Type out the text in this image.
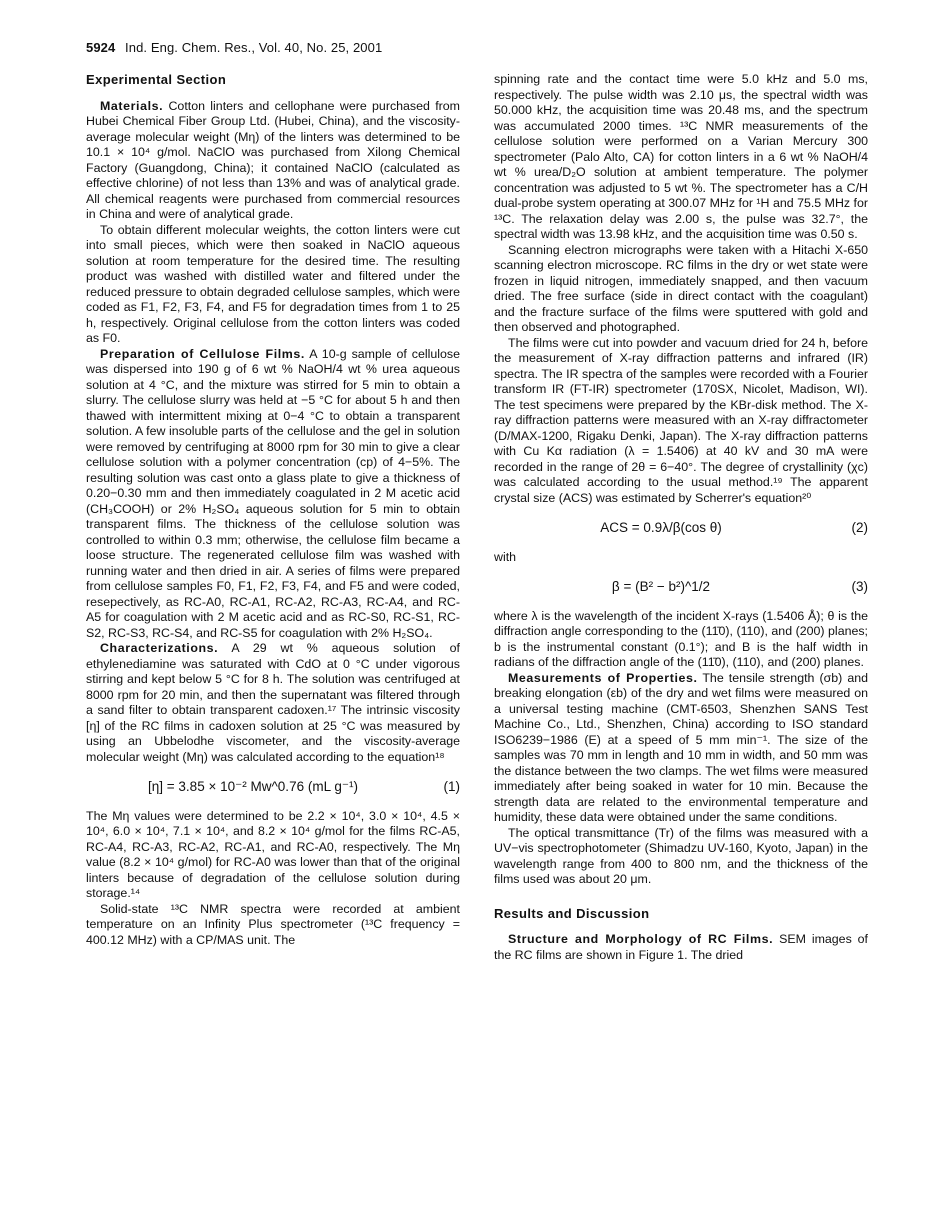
5924 Ind. Eng. Chem. Res., Vol. 40, No. 25, 2001
Experimental Section

Materials. Cotton linters and cellophane were purchased from Hubei Chemical Fiber Group Ltd. (Hubei, China), and the viscosity-average molecular weight (Mη) of the linters was determined to be 10.1 × 10⁴ g/mol. NaClO was purchased from Xilong Chemical Factory (Guangdong, China); it contained NaClO (calculated as effective chlorine) of not less than 13% and was of analytical grade. All chemical reagents were purchased from commercial resources in China and were of analytical grade.

To obtain different molecular weights, the cotton linters were cut into small pieces, which were then soaked in NaClO aqueous solution at room temperature for the desired time. The resulting product was washed with distilled water and filtered under the reduced pressure to obtain degraded cellulose samples, which were coded as F1, F2, F3, F4, and F5 for degradation times from 1 to 25 h, respectively. Original cellulose from the cotton linters was coded as F0.

Preparation of Cellulose Films. A 10-g sample of cellulose was dispersed into 190 g of 6 wt % NaOH/4 wt % urea aqueous solution at 4 °C, and the mixture was stirred for 5 min to obtain a slurry. The cellulose slurry was held at −5 °C for about 5 h and then thawed with intermittent mixing at 0−4 °C to obtain a transparent solution. A few insoluble parts of the cellulose and the gel in solution were removed by centrifuging at 8000 rpm for 30 min to give a clear cellulose solution with a polymer concentration (cp) of 4−5%. The resulting solution was cast onto a glass plate to give a thickness of 0.20−0.30 mm and then immediately coagulated in 2 M acetic acid (CH₃COOH) or 2% H₂SO₄ aqueous solution for 5 min to obtain transparent films. The thickness of the cellulose solution was controlled to within 0.3 mm; otherwise, the cellulose film became a loose structure. The regenerated cellulose film was washed with running water and then dried in air. A series of films were prepared from cellulose samples F0, F1, F2, F3, F4, and F5 and were coded, resepectively, as RC-A0, RC-A1, RC-A2, RC-A3, RC-A4, and RC-A5 for coagulation with 2 M acetic acid and as RC-S0, RC-S1, RC-S2, RC-S3, RC-S4, and RC-S5 for coagulation with 2% H₂SO₄.

Characterizations. A 29 wt % aqueous solution of ethylenediamine was saturated with CdO at 0 °C under vigorous stirring and kept below 5 °C for 8 h. The solution was centrifuged at 8000 rpm for 20 min, and then the supernatant was filtered through a sand filter to obtain transparent cadoxen.¹⁷ The intrinsic viscosity [η] of the RC films in cadoxen solution at 25 °C was measured by using an Ubbelodhe viscometer, and the viscosity-average molecular weight (Mη) was calculated according to the equation¹⁸

[η] = 3.85 × 10⁻² Mw^0.76 (mL g⁻¹)	(1)

The Mη values were determined to be 2.2 × 10⁴, 3.0 × 10⁴, 4.5 × 10⁴, 6.0 × 10⁴, 7.1 × 10⁴, and 8.2 × 10⁴ g/mol for the films RC-A5, RC-A4, RC-A3, RC-A2, RC-A1, and RC-A0, respectively. The Mη value (8.2 × 10⁴ g/mol) for RC-A0 was lower than that of the original linters because of degradation of the cellulose solution during storage.¹⁴

Solid-state ¹³C NMR spectra were recorded at ambient temperature on an Infinity Plus spectrometer (¹³C frequency = 400.12 MHz) with a CP/MAS unit. The

spinning rate and the contact time were 5.0 kHz and 5.0 ms, respectively. The pulse width was 2.10 μs, the spectral width was 50.000 kHz, the acquisition time was 20.48 ms, and the spectrum was accumulated 2000 times. ¹³C NMR measurements of the cellulose solution were performed on a Varian Mercury 300 spectrometer (Palo Alto, CA) for cotton linters in a 6 wt % NaOH/4 wt % urea/D₂O solution at ambient temperature. The polymer concentration was adjusted to 5 wt %. The spectrometer has a C/H dual-probe system operating at 300.07 MHz for ¹H and 75.5 MHz for ¹³C. The relaxation delay was 2.00 s, the pulse was 32.7°, the spectral width was 13.98 kHz, and the acquisition time was 0.50 s.

Scanning electron micrographs were taken with a Hitachi X-650 scanning electron microscope. RC films in the dry or wet state were frozen in liquid nitrogen, immediately snapped, and then vacuum dried. The free surface (side in direct contact with the coagulant) and the fracture surface of the films were sputtered with gold and then observed and photographed.

The films were cut into powder and vacuum dried for 24 h, before the measurement of X-ray diffraction patterns and infrared (IR) spectra. The IR spectra of the samples were recorded with a Fourier transform IR (FT-IR) spectrometer (170SX, Nicolet, Madison, WI). The test specimens were prepared by the KBr-disk method. The X-ray diffraction patterns were measured with an X-ray diffractometer (D/MAX-1200, Rigaku Denki, Japan). The X-ray diffraction patterns with Cu Kα radiation (λ = 1.5406) at 40 kV and 30 mA were recorded in the range of 2θ = 6−40°. The degree of crystallinity (χc) was calculated according to the usual method.¹⁹ The apparent crystal size (ACS) was estimated by Scherrer's equation²⁰

ACS = 0.9λ/β(cos θ)	(2)

with

β = (B² − b²)^1/2	(3)

where λ is the wavelength of the incident X-rays (1.5406 Å); θ is the diffraction angle corresponding to the (11̄0), (110), and (200) planes; b is the instrumental constant (0.1°); and B is the half width in radians of the diffraction angle of the (11̄0), (110), and (200) planes.

Measurements of Properties. The tensile strength (σb) and breaking elongation (εb) of the dry and wet films were measured on a universal testing machine (CMT-6503, Shenzhen SANS Test Machine Co., Ltd., Shenzhen, China) according to ISO standard ISO6239−1986 (E) at a speed of 5 mm min⁻¹. The size of the samples was 70 mm in length and 10 mm in width, and 50 mm was the distance between the two clamps. The wet films were measured immediately after being soaked in water for 10 min. Because the strength data are related to the environmental temperature and humidity, these data were obtained under the same conditions.

The optical transmittance (Tr) of the films was measured with a UV−vis spectrophotometer (Shimadzu UV-160, Kyoto, Japan) in the wavelength range from 400 to 800 nm, and the thickness of the films used was about 20 μm.

Results and Discussion

Structure and Morphology of RC Films. SEM images of the RC films are shown in Figure 1. The dried
